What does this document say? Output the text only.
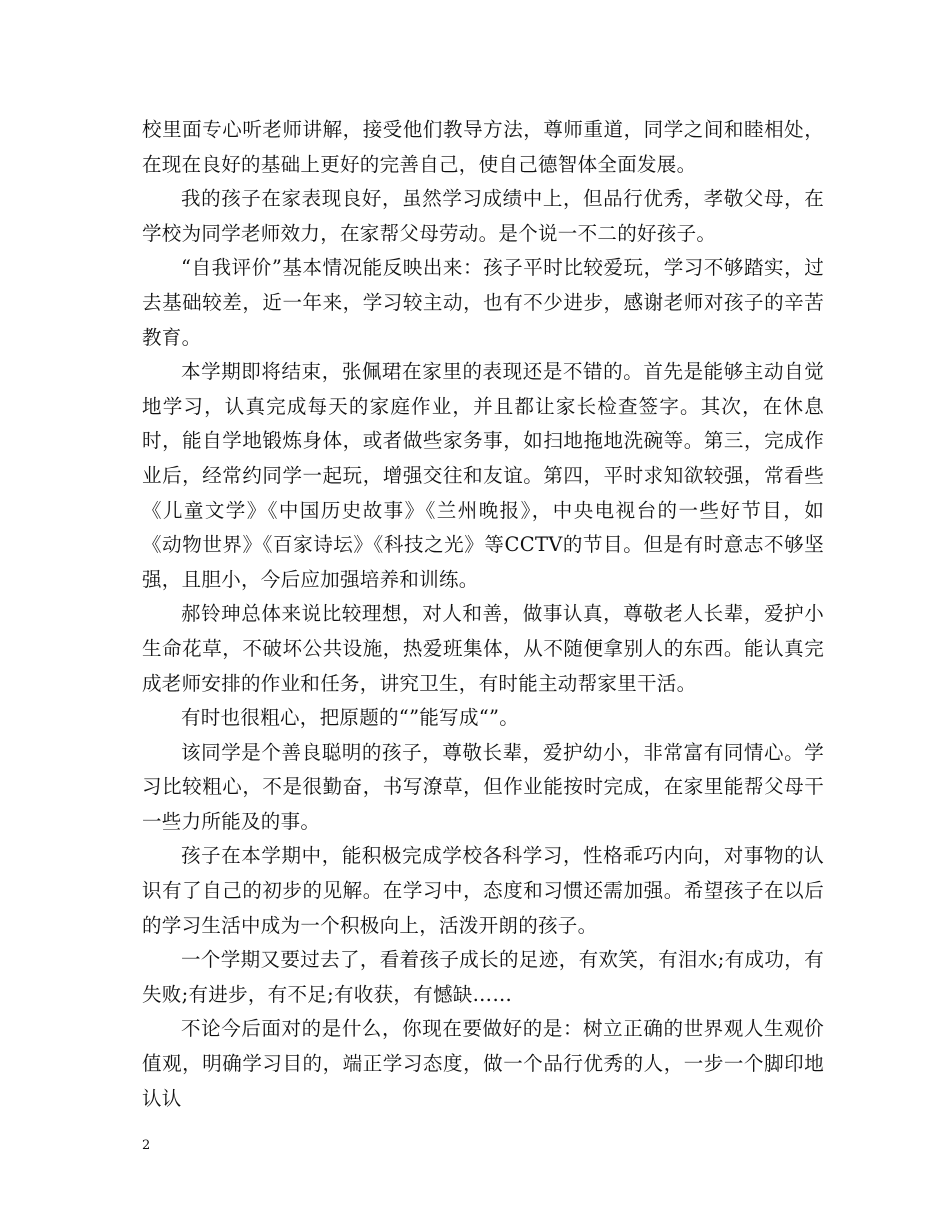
校里面专心听老师讲解，接受他们教导方法，尊师重道，同学之间和睦相处，在现在良好的基础上更好的完善自己，使自己德智体全面发展。

我的孩子在家表现良好，虽然学习成绩中上，但品行优秀，孝敬父母，在学校为同学老师效力，在家帮父母劳动。是个说一不二的好孩子。

“自我评价”基本情况能反映出来：孩子平时比较爱玩，学习不够踏实，过去基础较差，近一年来，学习较主动，也有不少进步，感谢老师对孩子的辛苦教育。

本学期即将结束，张佩珺在家里的表现还是不错的。首先是能够主动自觉地学习，认真完成每天的家庭作业，并且都让家长检查签字。其次，在休息时，能自学地锻炼身体，或者做些家务事，如扫地拖地洗碗等。第三，完成作业后，经常约同学一起玩，增强交往和友谊。第四，平时求知欲较强，常看些《儿童文学》《中国历史故事》《兰州晚报》，中央电视台的一些好节目，如《动物世界》《百家诗坛》《科技之光》等CCTV的节目。但是有时意志不够坚强，且胆小，今后应加强培养和训练。

郝铃珅总体来说比较理想，对人和善，做事认真，尊敬老人长辈，爱护小生命花草，不破坏公共设施，热爱班集体，从不随便拿别人的东西。能认真完成老师安排的作业和任务，讲究卫生，有时能主动帮家里干活。

有时也很粗心，把原题的“”能写成“”。

该同学是个善良聪明的孩子，尊敬长辈，爱护幼小，非常富有同情心。学习比较粗心，不是很勤奋，书写潦草，但作业能按时完成，在家里能帮父母干一些力所能及的事。

孩子在本学期中，能积极完成学校各科学习，性格乖巧内向，对事物的认识有了自己的初步的见解。在学习中，态度和习惯还需加强。希望孩子在以后的学习生活中成为一个积极向上，活泼开朗的孩子。

一个学期又要过去了，看着孩子成长的足迹，有欢笑，有泪水;有成功，有失败;有进步，有不足;有收获，有憾缺……

不论今后面对的是什么，你现在要做好的是：树立正确的世界观人生观价值观，明确学习目的，端正学习态度，做一个品行优秀的人，一步一个脚印地认认

2
